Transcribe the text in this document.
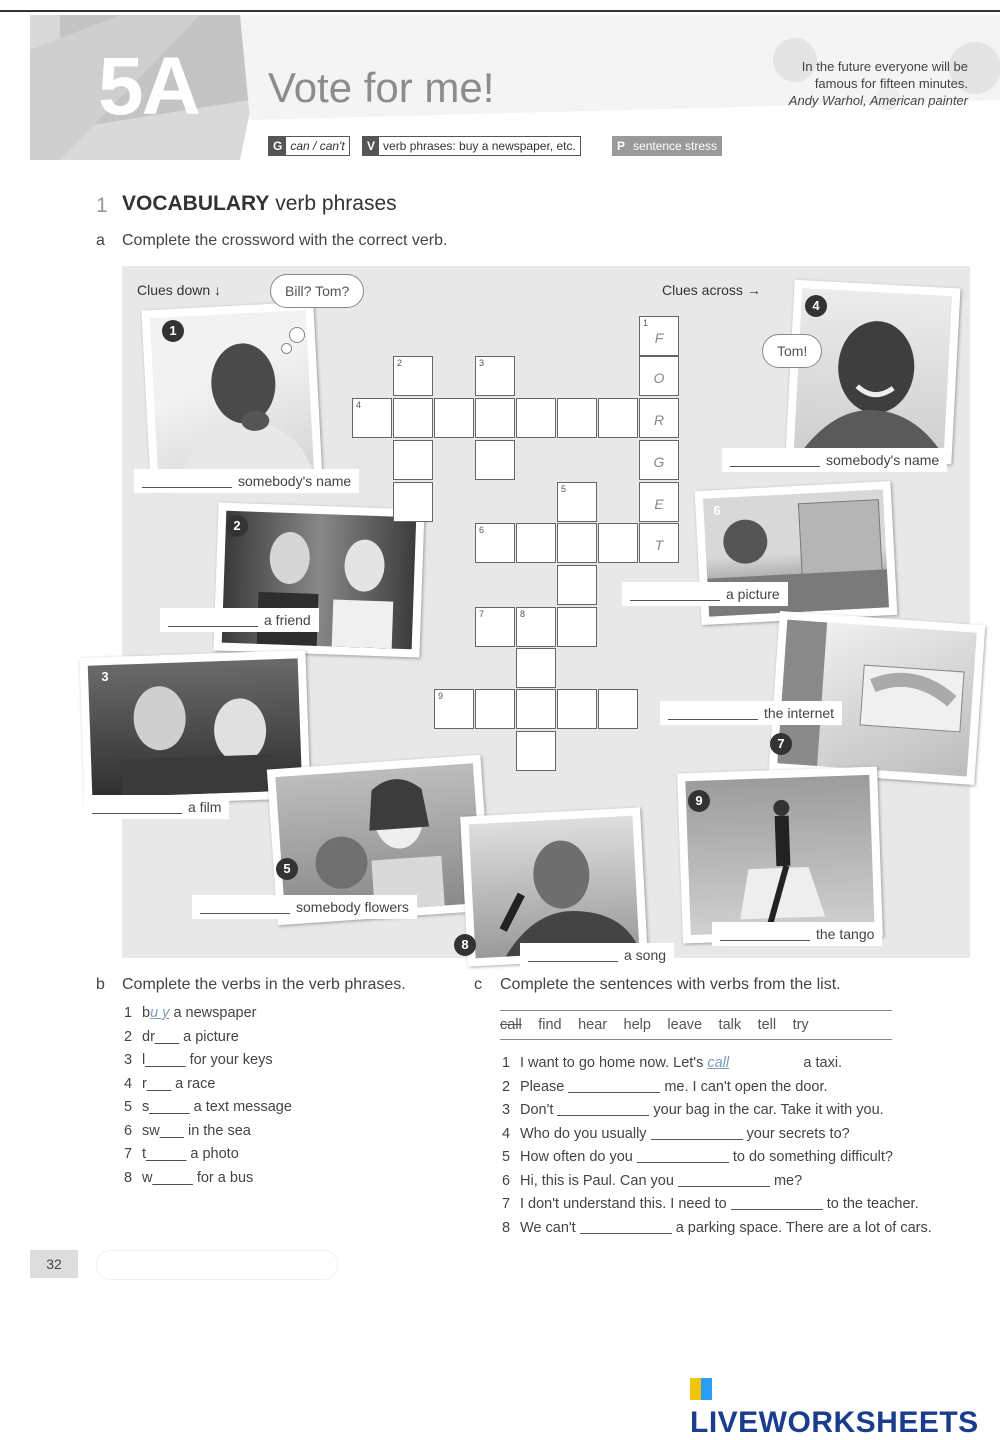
5A Vote for me!	In the future everyone will be
famous for fifteen minutes.
Andy Warhol, American painter
G can / can't	V verb phrases: buy a newspaper, etc.	P sentence stress
1 VOCABULARY verb phrases
a Complete the crossword with the correct verb.
Clues down ↓	Clues across →
1
Bill? Tom?
somebody's name
2
a friend
3
a film
5
somebody flowers
8
a song
4
Tom!
somebody's name
6
a picture
the internet
7
9
the tango
1
F
O
R
G
E
T
2	3
4
5
6
7	8
9
b Complete the verbs in the verb phrases.
1 bu y a newspaper
2 dr___ a picture
3 l_____ for your keys
4 r___ a race
5 s_____ a text message
6 sw___ in the sea
7 t_____ a photo
8 w_____ for a bus
c Complete the sentences with verbs from the list.
call find hear help leave talk tell try
1 I want to go home now. Let's call	a taxi.
2 Please	me. I can't open the door.
3 Don't	your bag in the car. Take it with you.
4 Who do you usually	your secrets to?
5 How often do you	to do something difficult?
6 Hi, this is Paul. Can you	me?
7 I don't understand this. I need to	to the teacher.
8 We can't	a parking space. There are a lot of cars.
32
LIVEWORKSHEETS
